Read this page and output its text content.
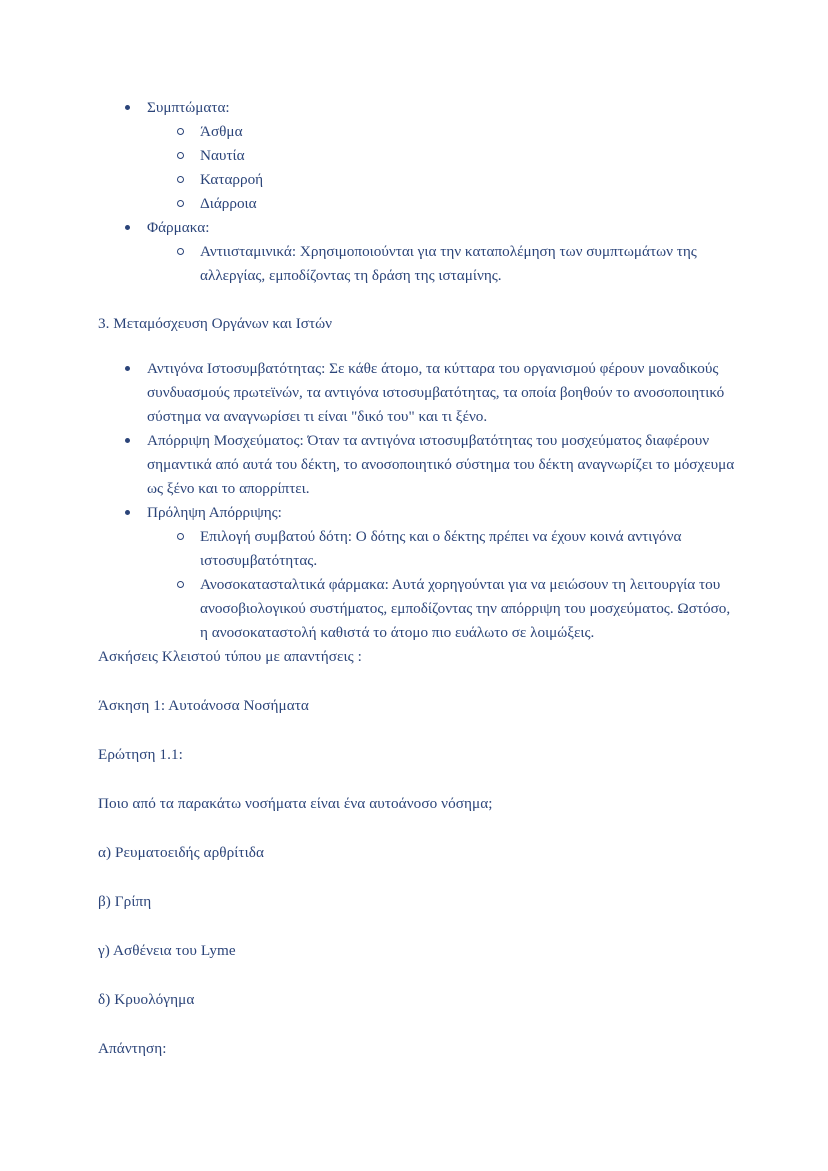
Συμπτώματα:
Άσθμα
Ναυτία
Καταρροή
Διάρροια
Φάρμακα:
Αντιισταμινικά: Χρησιμοποιούνται για την καταπολέμηση των συμπτωμάτων της αλλεργίας, εμποδίζοντας τη δράση της ισταμίνης.

3. Μεταμόσχευση Οργάνων και Ιστών

Αντιγόνα Ιστοσυμβατότητας: Σε κάθε άτομο, τα κύτταρα του οργανισμού φέρουν μοναδικούς συνδυασμούς πρωτεϊνών, τα αντιγόνα ιστοσυμβατότητας, τα οποία βοηθούν το ανοσοποιητικό σύστημα να αναγνωρίσει τι είναι "δικό του" και τι ξένο.
Απόρριψη Μοσχεύματος: Όταν τα αντιγόνα ιστοσυμβατότητας του μοσχεύματος διαφέρουν σημαντικά από αυτά του δέκτη, το ανοσοποιητικό σύστημα του δέκτη αναγνωρίζει το μόσχευμα ως ξένο και το απορρίπτει.
Πρόληψη Απόρριψης:
Επιλογή συμβατού δότη: Ο δότης και ο δέκτης πρέπει να έχουν κοινά αντιγόνα ιστοσυμβατότητας.
Ανοσοκατασταλτικά φάρμακα: Αυτά χορηγούνται για να μειώσουν τη λειτουργία του ανοσοβιολογικού συστήματος, εμποδίζοντας την απόρριψη του μοσχεύματος. Ωστόσο, η ανοσοκαταστολή καθιστά το άτομο πιο ευάλωτο σε λοιμώξεις.

Ασκήσεις Κλειστού τύπου με απαντήσεις :

Άσκηση 1: Αυτοάνοσα Νοσήματα

Ερώτηση 1.1:

Ποιο από τα παρακάτω νοσήματα είναι ένα αυτοάνοσο νόσημα;

α) Ρευματοειδής αρθρίτιδα

β) Γρίπη

γ) Ασθένεια του Lyme

δ) Κρυολόγημα

Απάντηση:
